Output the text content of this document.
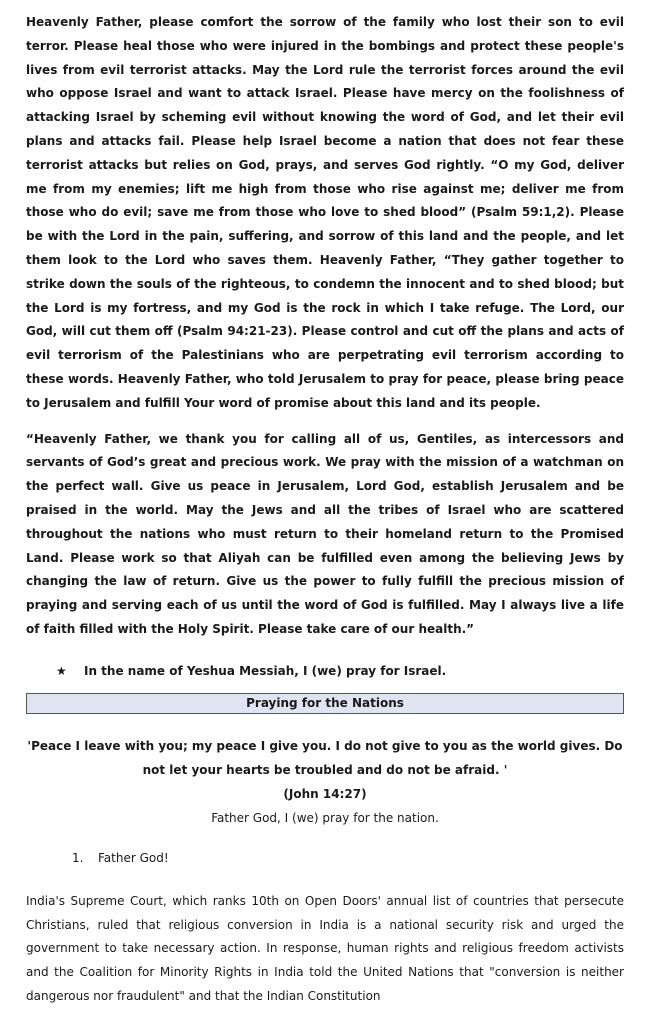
Heavenly Father, please comfort the sorrow of the family who lost their son to evil terror. Please heal those who were injured in the bombings and protect these people's lives from evil terrorist attacks. May the Lord rule the terrorist forces around the evil who oppose Israel and want to attack Israel. Please have mercy on the foolishness of attacking Israel by scheming evil without knowing the word of God, and let their evil plans and attacks fail. Please help Israel become a nation that does not fear these terrorist attacks but relies on God, prays, and serves God rightly. “O my God, deliver me from my enemies; lift me high from those who rise against me; deliver me from those who do evil; save me from those who love to shed blood” (Psalm 59:1,2). Please be with the Lord in the pain, suffering, and sorrow of this land and the people, and let them look to the Lord who saves them. Heavenly Father, “They gather together to strike down the souls of the righteous, to condemn the innocent and to shed blood; but the Lord is my fortress, and my God is the rock in which I take refuge. The Lord, our God, will cut them off (Psalm 94:21-23). Please control and cut off the plans and acts of evil terrorism of the Palestinians who are perpetrating evil terrorism according to these words. Heavenly Father, who told Jerusalem to pray for peace, please bring peace to Jerusalem and fulfill Your word of promise about this land and its people.

“Heavenly Father, we thank you for calling all of us, Gentiles, as intercessors and servants of God’s great and precious work. We pray with the mission of a watchman on the perfect wall. Give us peace in Jerusalem, Lord God, establish Jerusalem and be praised in the world. May the Jews and all the tribes of Israel who are scattered throughout the nations who must return to their homeland return to the Promised Land. Please work so that Aliyah can be fulfilled even among the believing Jews by changing the law of return. Give us the power to fully fulfill the precious mission of praying and serving each of us until the word of God is fulfilled. May I always live a life of faith filled with the Holy Spirit. Please take care of our health.”

★	In the name of Yeshua Messiah, I (we) pray for Israel.
Praying for the Nations

'Peace I leave with you; my peace I give you. I do not give to you as the world gives. Do not let your hearts be troubled and do not be afraid. '

(John 14:27)

Father God, I (we) pray for the nation.

1.	Father God!

India's Supreme Court, which ranks 10th on Open Doors' annual list of countries that persecute Christians, ruled that religious conversion in India is a national security risk and urged the government to take necessary action. In response, human rights and religious freedom activists and the Coalition for Minority Rights in India told the United Nations that "conversion is neither dangerous nor fraudulent" and that the Indian Constitution
